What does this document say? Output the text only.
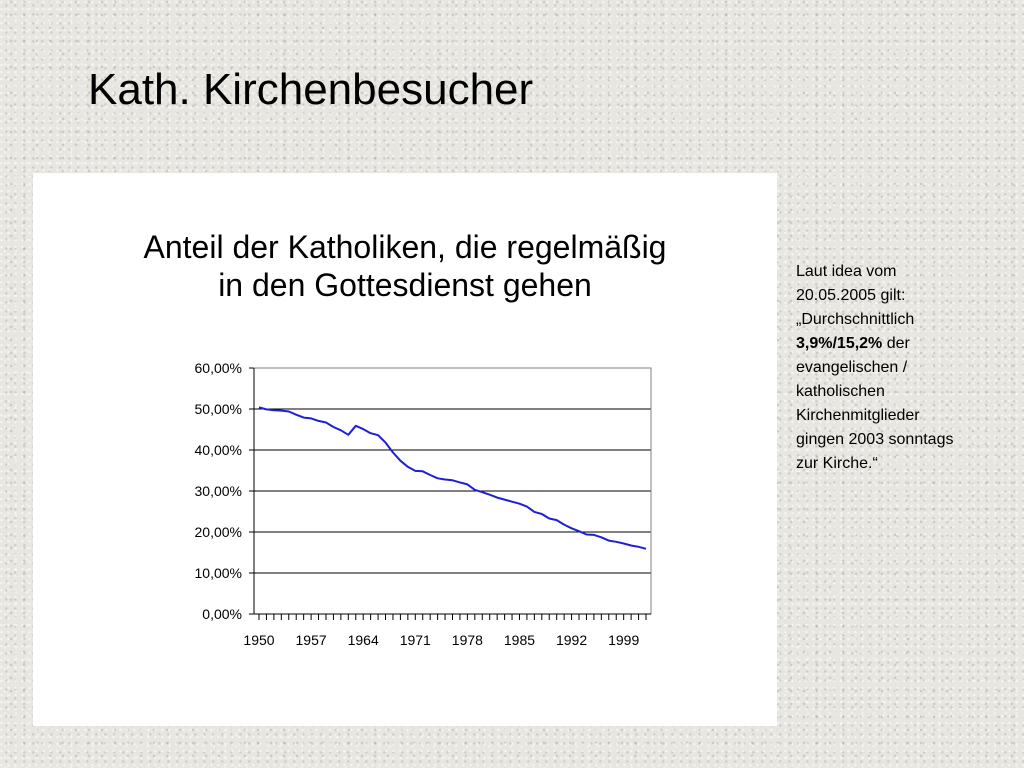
Kath. Kirchenbesucher
Anteil der Katholiken, die regelmäßig
in den Gottesdienst gehen
0,00%
10,00%
20,00%
30,00%
40,00%
50,00%
60,00%
1950 1957 1964 1971 1978 1985 1992 1999
Laut idea vom
20.05.2005 gilt:
„Durchschnittlich
3,9%/15,2% der
evangelischen /
katholischen
Kirchenmitglieder
gingen 2003 sonntags
zur Kirche.“
